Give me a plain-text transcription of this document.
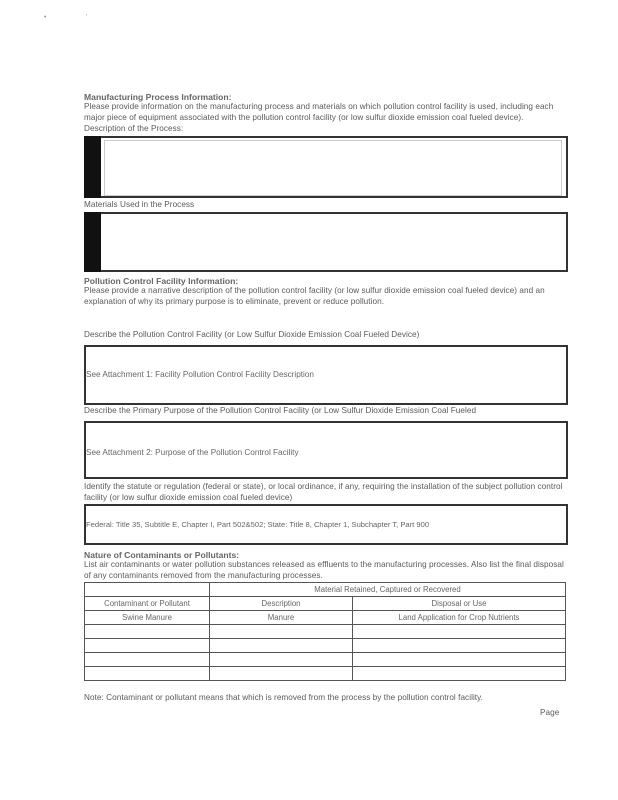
•	'
Manufacturing Process Information:
Please provide information on the manufacturing process and materials on which pollution control facility is used, including each major piece of equipment associated with the pollution control facility (or low sulfur dioxide emission coal fueled device).
Description of the Process:
Materials Used in the Process
Pollution Control Facility Information:
Please provide a narrative description of the pollution control facility (or low sulfur dioxide emission coal fueled device) and an explanation of why its primary purpose is to eliminate, prevent or reduce pollution.
Describe the Pollution Control Facility (or Low Sulfur Dioxide Emission Coal Fueled Device)
See Attachment 1: Facility Pollution Control Facility Description
Describe the Primary Purpose of the Pollution Control Facility (or Low Sulfur Dioxide Emission Coal Fueled
See Attachment 2: Purpose of the Pollution Control Facility
Identify the statute or regulation (federal or state), or local ordinance, if any, requiring the installation of the subject pollution control facility (or low sulfur dioxide emission coal fueled device)
Federal: Title 35, Subtitle E, Chapter I, Part 502&502; State: Title 8, Chapter 1, Subchapter T, Part 900
Nature of Contaminants or Pollutants:
List air contaminants or water pollution substances released as effluents to the manufacturing processes. Also list the final disposal of any contaminants removed from the manufacturing processes.
	Material Retained, Captured or Recovered	
Contaminant or Pollutant	Description	Disposal or Use
Swine Manure	Manure	Land Application for Crop Nutrients

Note: Contaminant or pollutant means that which is removed from the process by the pollution control facility.
Page
